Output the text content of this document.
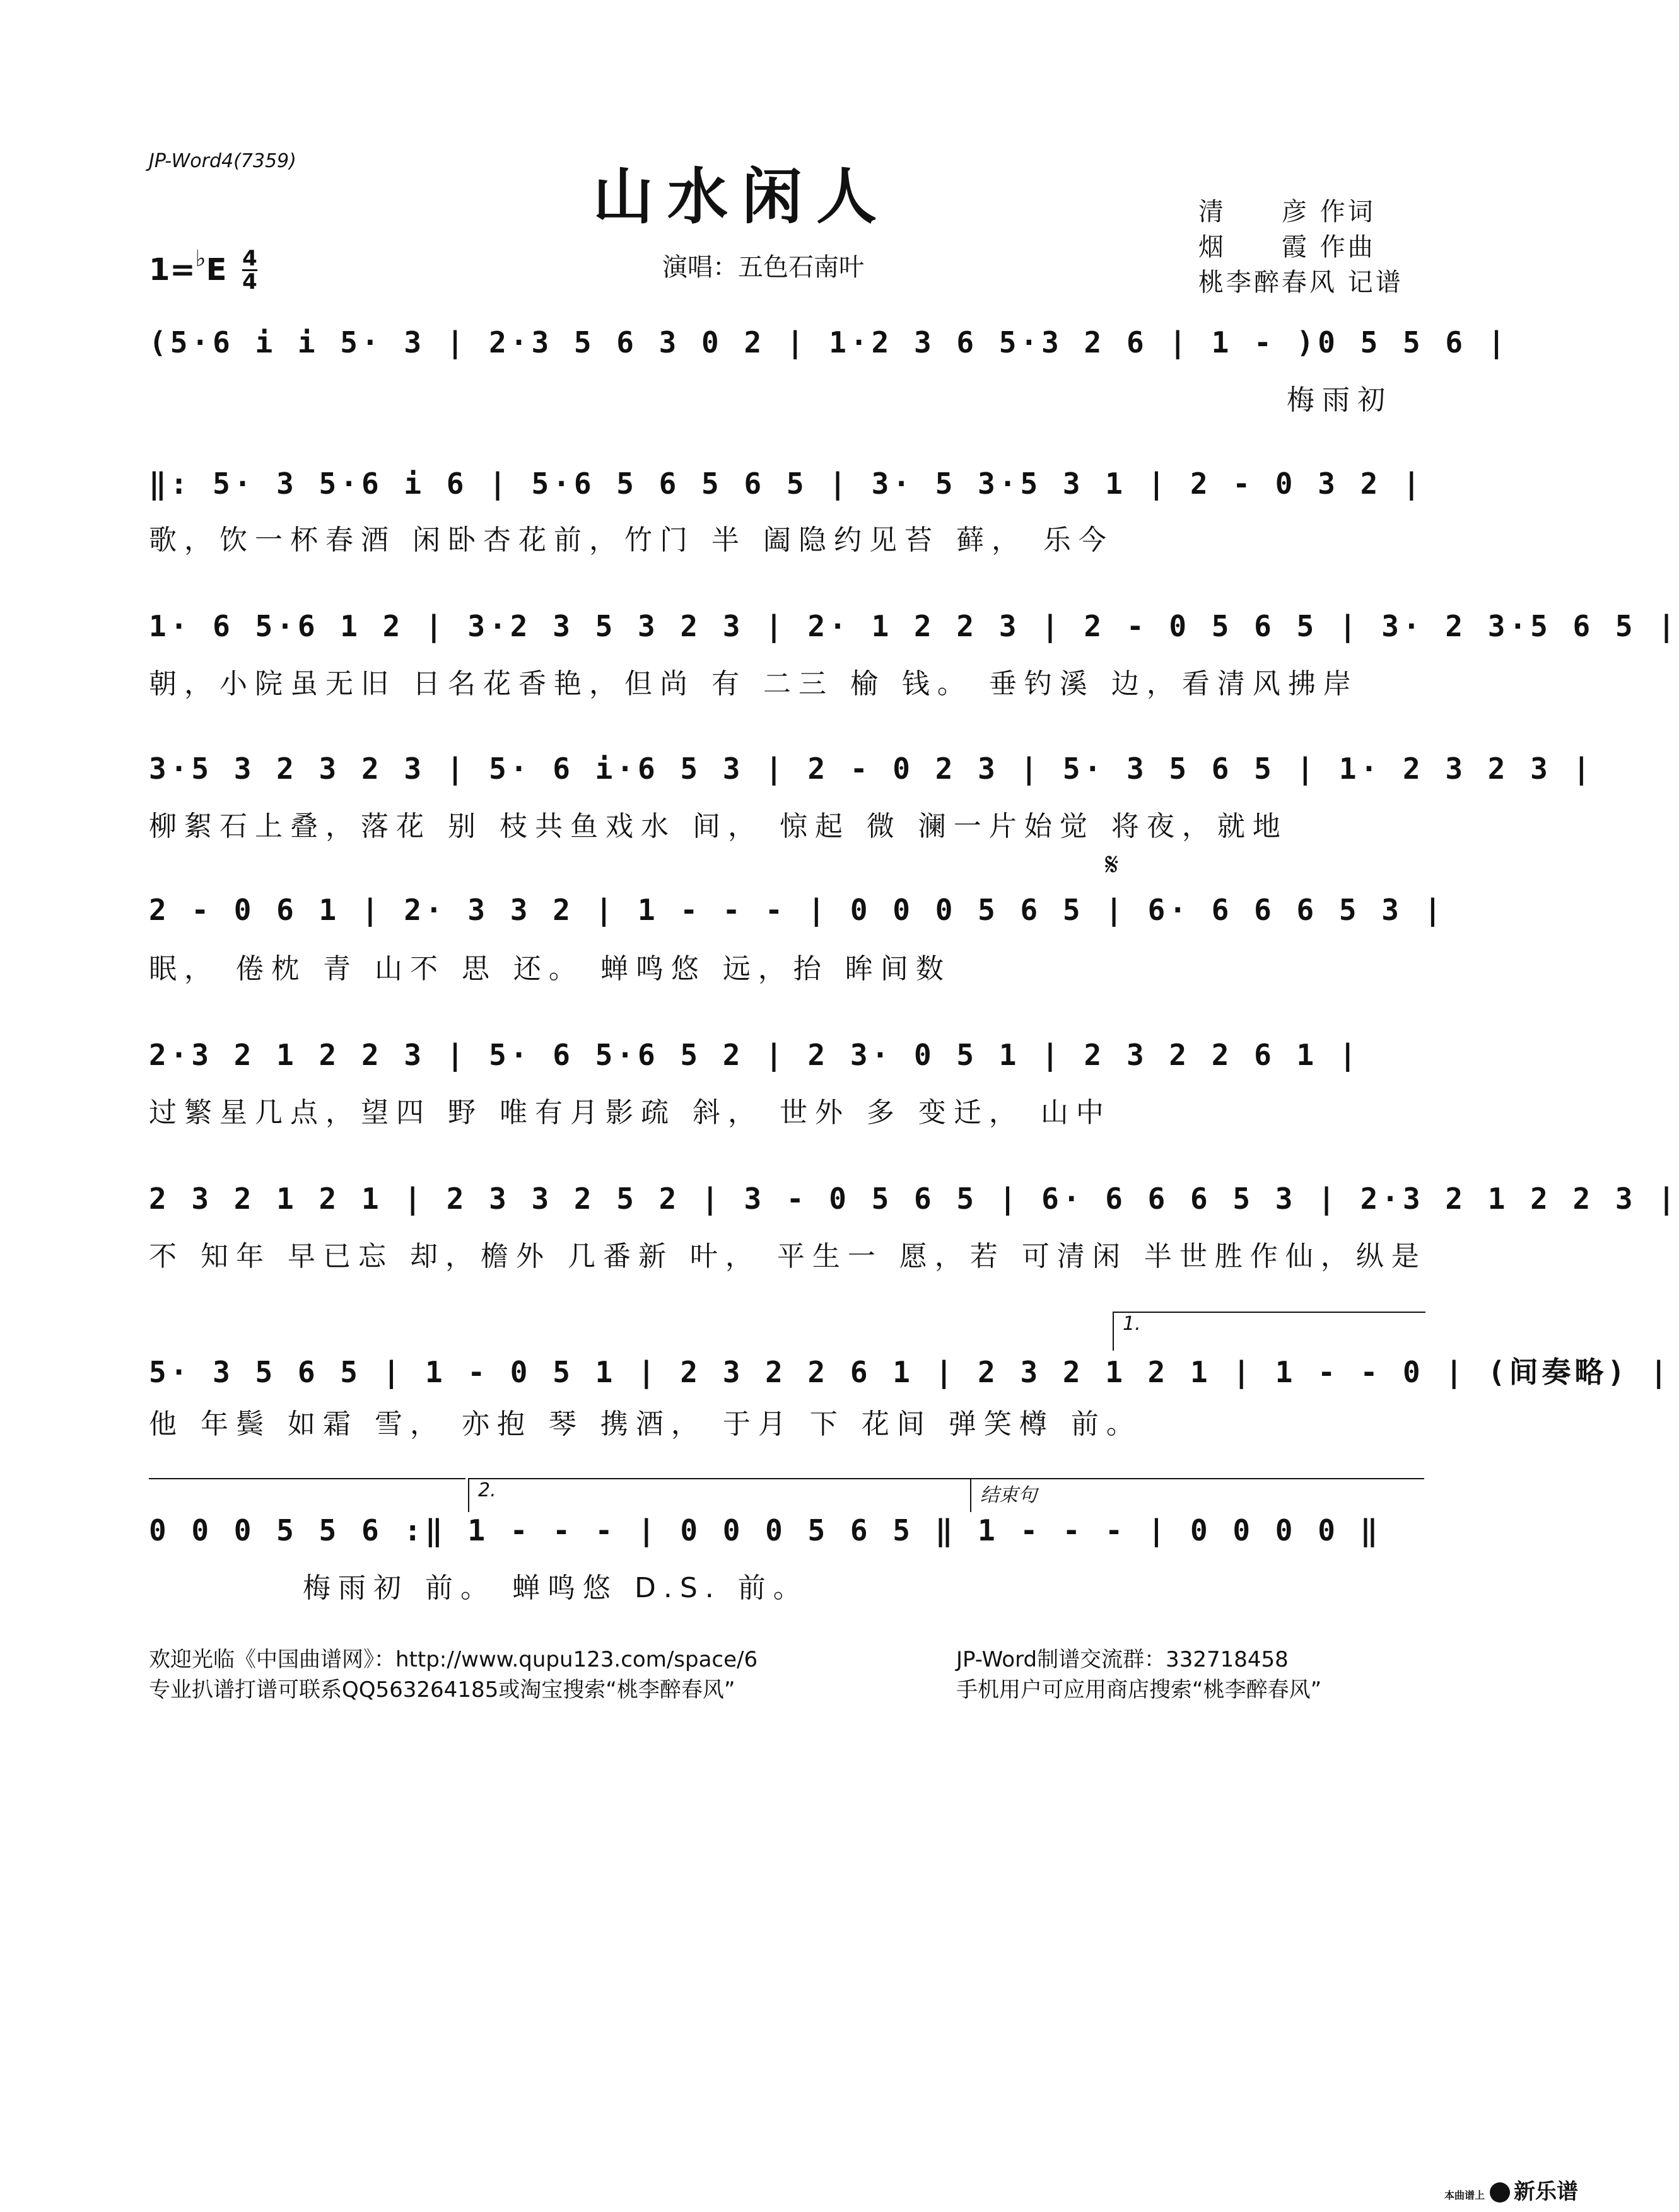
JP-Word4(7359)
山水闲人
$1=^♭E \frac{4}{4}$	演唱：五色石南叶
清　　彦 作词
烟　　霞 作曲
桃李醉春风 记谱
(5·6 i i 5· 3 | 2·3 5 6 3 0 2 | 1·2 3 6 5·3 2 6 | 1 - )0 5 5 6 |
梅雨初
‖: 5· 3 5·6 i 6 | 5·6 5 6 5 6 5 | 3· 5 3·5 3 1 | 2 - 0 3 2 |
歌，饮一杯春酒 闲卧杏花前，竹门 半 阖隐约见苔 藓， 乐今
1· 6 5·6 1 2 | 3·2 3 5 3 2 3 | 2· 1 2 2 3 | 2 - 0 5 6 5 | 3· 2 3·5 6 5 |
朝，小院虽无旧 日名花香艳，但尚 有 二三 榆 钱。 垂钓溪 边，看清风拂岸
3·5 3 2 3 2 3 | 5· 6 i·6 5 3 | 2 - 0 2 3 | 5· 3 5 6 5 | 1· 2 3 2 3 |
柳絮石上叠，落花 别 枝共鱼戏水 间， 惊起 微 澜一片始觉 将夜，就地
𝄋
2 - 0 6 1 | 2· 3 3 2 | 1 - - - | 0 0 0 5 6 5 | 6· 6 6 6 5 3 |
眠， 倦枕 青 山不 思 还。 蝉鸣悠 远，抬 眸间数
2·3 2 1 2 2 3 | 5· 6 5·6 5 2 | 2 3· 0 5 1 | 2 3 2 2 6 1 |
过繁星几点，望四 野 唯有月影疏 斜， 世外 多 变迁， 山中
2 3 2 1 2 1 | 2 3 3 2 5 2 | 3 - 0 5 6 5 | 6· 6 6 6 5 3 | 2·3 2 1 2 2 3 |
不 知年 早已忘 却，檐外 几番新 叶， 平生一 愿，若 可清闲 半世胜作仙，纵是
1.
5· 3 5 6 5 | 1 - 0 5 1 | 2 3 2 2 6 1 | 2 3 2 1 2 1 | 1 - - 0 | (间奏略) |
他 年鬓 如霜 雪， 亦抱 琴 携酒， 于月 下 花间 弹笑樽 前。
2.	结束句
0 0 0 5 5 6 :‖ 1 - - - | 0 0 0 5 6 5 ‖ 1 - - - | 0 0 0 0 ‖
梅雨初 前。 蝉鸣悠 D.S. 前。
欢迎光临《中国曲谱网》：http://www.qupu123.com/space/6
专业扒谱打谱可联系QQ563264185或淘宝搜索“桃李醉春风”
JP-Word制谱交流群：332718458
手机用户可应用商店搜索“桃李醉春风”
本曲谱上 新乐谱
